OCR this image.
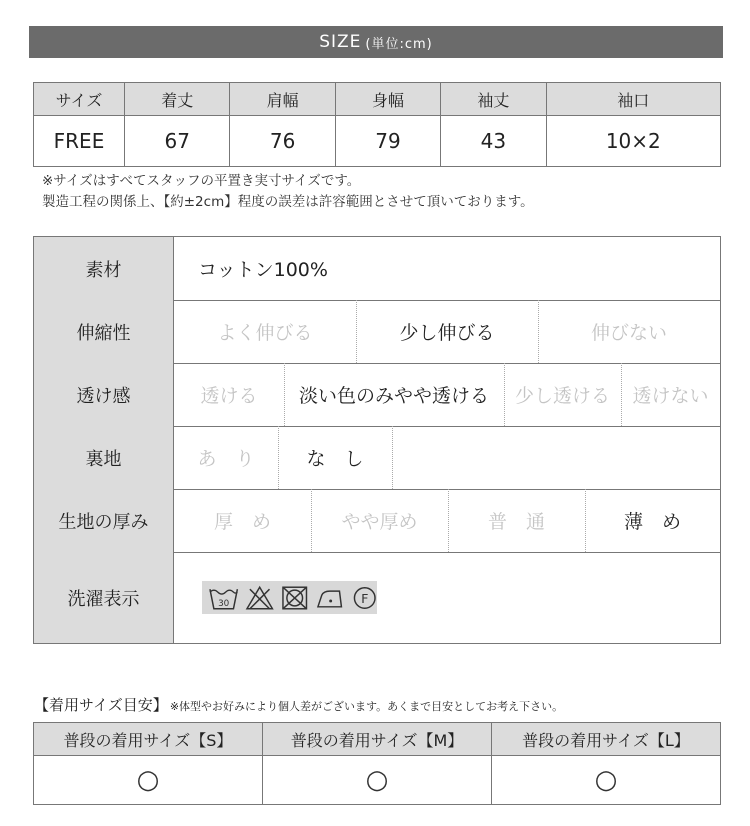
SIZE (単位:cm)
サイズ	着丈	肩幅	身幅	袖丈	袖口
FREE	67	76	79	43	10×2
※サイズはすべてスタッフの平置き実寸サイズです。
製造工程の関係上、【約±2cm】程度の誤差は許容範囲とさせて頂いております。
素材	コットン100%
伸縮性	よく伸びる	少し伸びる	伸びない
透け感	透ける	淡い色のみやや透ける	少し透ける	透けない
裏地	あ　り	な　し
生地の厚み	厚　め	やや厚め	普　通	薄　め
洗濯表示	30	F
【着用サイズ目安】 ※体型やお好みにより個人差がございます。あくまで目安としてお考え下さい。
普段の着用サイズ【S】	普段の着用サイズ【M】	普段の着用サイズ【L】
○	○	○
